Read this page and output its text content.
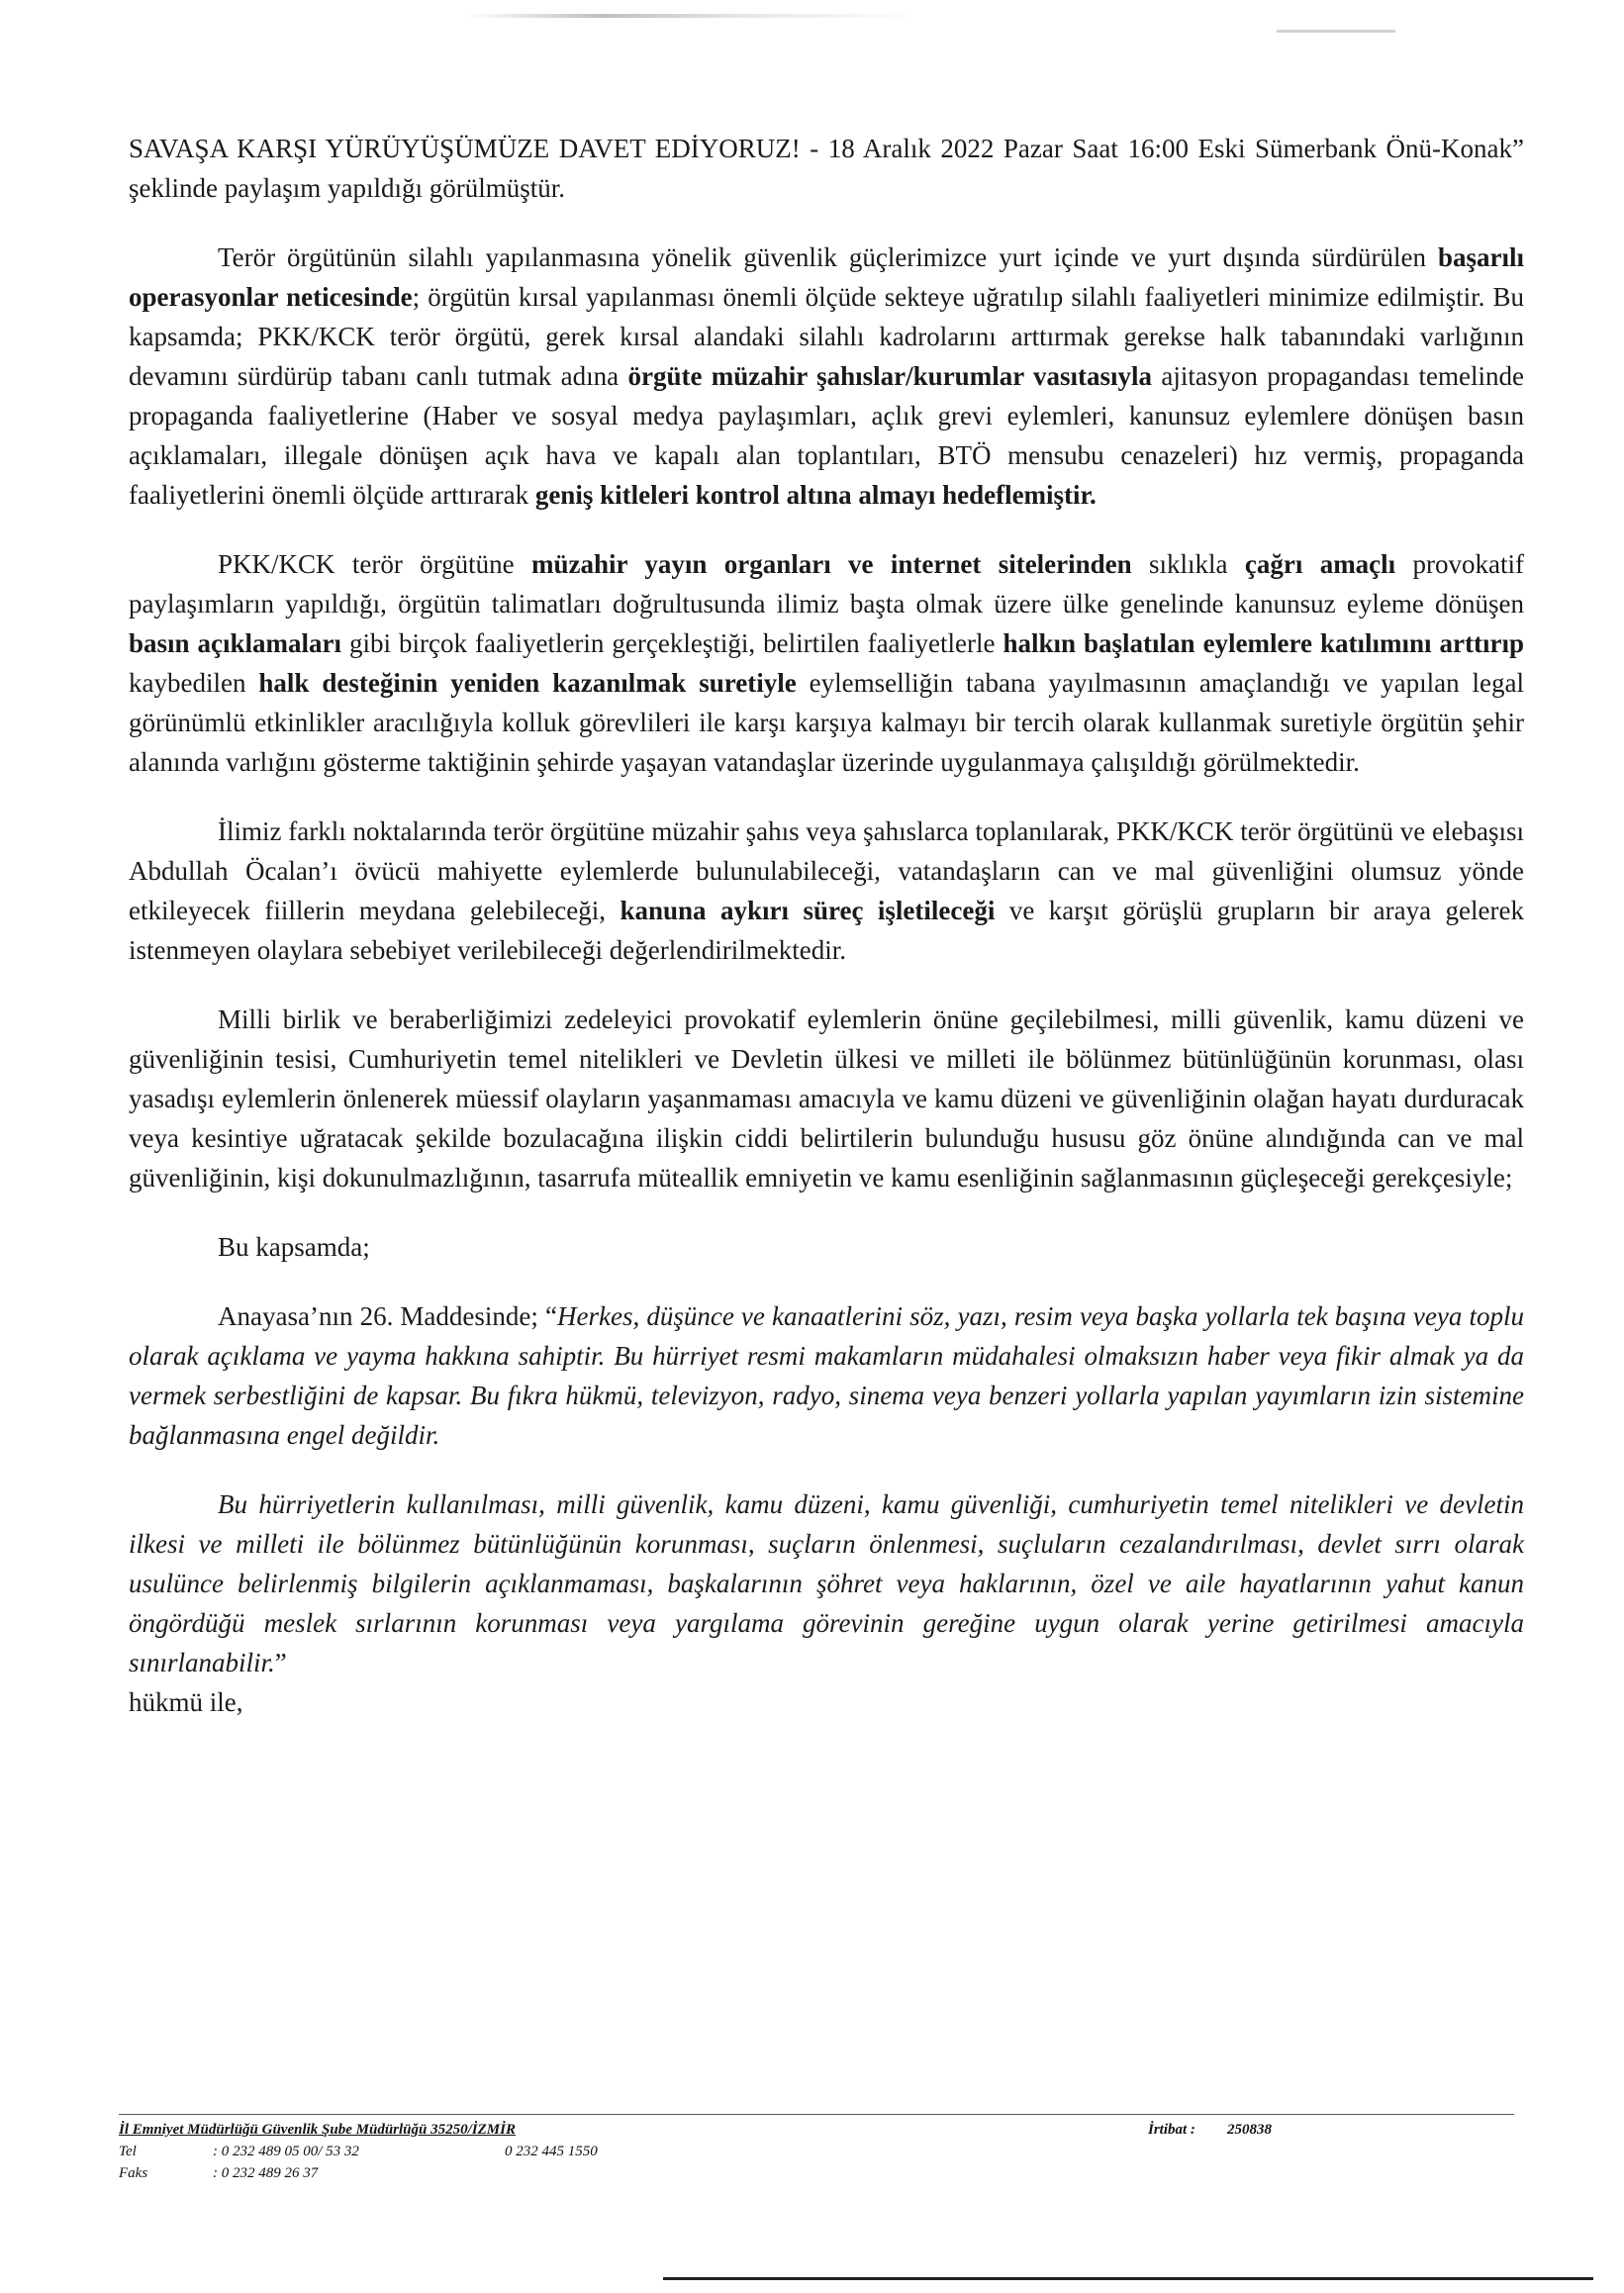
SAVAŞA KARŞI YÜRÜYÜŞÜMÜZE DAVET EDİYORUZ! - 18 Aralık 2022 Pazar Saat 16:00 Eski Sümerbank Önü-Konak” şeklinde paylaşım yapıldığı görülmüştür.

Terör örgütünün silahlı yapılanmasına yönelik güvenlik güçlerimizce yurt içinde ve yurt dışında sürdürülen başarılı operasyonlar neticesinde; örgütün kırsal yapılanması önemli ölçüde sekteye uğratılıp silahlı faaliyetleri minimize edilmiştir. Bu kapsamda; PKK/KCK terör örgütü, gerek kırsal alandaki silahlı kadrolarını arttırmak gerekse halk tabanındaki varlığının devamını sürdürüp tabanı canlı tutmak adına örgüte müzahir şahıslar/kurumlar vasıtasıyla ajitasyon propagandası temelinde propaganda faaliyetlerine (Haber ve sosyal medya paylaşımları, açlık grevi eylemleri, kanunsuz eylemlere dönüşen basın açıklamaları, illegale dönüşen açık hava ve kapalı alan toplantıları, BTÖ mensubu cenazeleri) hız vermiş, propaganda faaliyetlerini önemli ölçüde arttırarak geniş kitleleri kontrol altına almayı hedeflemiştir.

PKK/KCK terör örgütüne müzahir yayın organları ve internet sitelerinden sıklıkla çağrı amaçlı provokatif paylaşımların yapıldığı, örgütün talimatları doğrultusunda ilimiz başta olmak üzere ülke genelinde kanunsuz eyleme dönüşen basın açıklamaları gibi birçok faaliyetlerin gerçekleştiği, belirtilen faaliyetlerle halkın başlatılan eylemlere katılımını arttırıp kaybedilen halk desteğinin yeniden kazanılmak suretiyle eylemselliğin tabana yayılmasının amaçlandığı ve yapılan legal görünümlü etkinlikler aracılığıyla kolluk görevlileri ile karşı karşıya kalmayı bir tercih olarak kullanmak suretiyle örgütün şehir alanında varlığını gösterme taktiğinin şehirde yaşayan vatandaşlar üzerinde uygulanmaya çalışıldığı görülmektedir.

İlimiz farklı noktalarında terör örgütüne müzahir şahıs veya şahıslarca toplanılarak, PKK/KCK terör örgütünü ve elebaşısı Abdullah Öcalan’ı övücü mahiyette eylemlerde bulunulabileceği, vatandaşların can ve mal güvenliğini olumsuz yönde etkileyecek fiillerin meydana gelebileceği, kanuna aykırı süreç işletileceği ve karşıt görüşlü grupların bir araya gelerek istenmeyen olaylara sebebiyet verilebileceği değerlendirilmektedir.

Milli birlik ve beraberliğimizi zedeleyici provokatif eylemlerin önüne geçilebilmesi, milli güvenlik, kamu düzeni ve güvenliğinin tesisi, Cumhuriyetin temel nitelikleri ve Devletin ülkesi ve milleti ile bölünmez bütünlüğünün korunması, olası yasadışı eylemlerin önlenerek müessif olayların yaşanmaması amacıyla ve kamu düzeni ve güvenliğinin olağan hayatı durduracak veya kesintiye uğratacak şekilde bozulacağına ilişkin ciddi belirtilerin bulunduğu hususu göz önüne alındığında can ve mal güvenliğinin, kişi dokunulmazlığının, tasarrufa müteallik emniyetin ve kamu esenliğinin sağlanmasının güçleşeceği gerekçesiyle;

Bu kapsamda;

Anayasa’nın 26. Maddesinde; “Herkes, düşünce ve kanaatlerini söz, yazı, resim veya başka yollarla tek başına veya toplu olarak açıklama ve yayma hakkına sahiptir. Bu hürriyet resmi makamların müdahalesi olmaksızın haber veya fikir almak ya da vermek serbestliğini de kapsar. Bu fıkra hükmü, televizyon, radyo, sinema veya benzeri yollarla yapılan yayımların izin sistemine bağlanmasına engel değildir.

Bu hürriyetlerin kullanılması, milli güvenlik, kamu düzeni, kamu güvenliği, cumhuriyetin temel nitelikleri ve devletin ilkesi ve milleti ile bölünmez bütünlüğünün korunması, suçların önlenmesi, suçluların cezalandırılması, devlet sırrı olarak usulünce belirlenmiş bilgilerin açıklanmaması, başkalarının şöhret veya haklarının, özel ve aile hayatlarının yahut kanun öngördüğü meslek sırlarının korunması veya yargılama görevinin gereğine uygun olarak yerine getirilmesi amacıyla sınırlanabilir.”

hükmü ile,

İl Emniyet Müdürlüğü Güvenlik Şube Müdürlüğü 35250/İZMİR	İrtibat : 250838
Tel	: 0 232 489 05 00/ 53 32	0 232 445 1550
Faks	: 0 232 489 26 37
